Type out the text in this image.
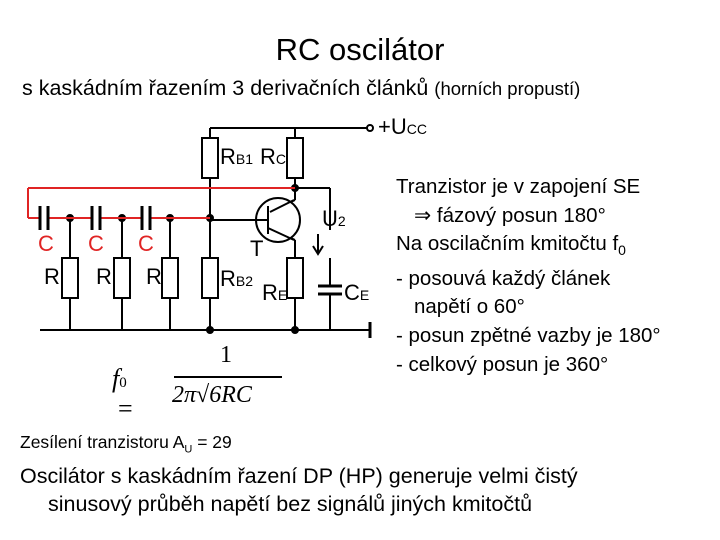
RC oscilátor
s kaskádním řazením 3 derivačních článků (horních propustí)
+UCC
RB1 RC
U2
T
RB2 RE	CE
C C C
R R R
f0 =
1
2π√6RC
Tranzistor je v zapojení SE
⇒ fázový posun 180°
Na oscilačním kmitočtu $f_0$
- posouvá každý článek
napětí o 60°
- posun zpětné vazby je 180°
- celkový posun je 360°
Zesílení tranzistoru $A_U = 29$
Oscilátor s kaskádním řazení DP (HP) generuje velmi čistý
sinusový průběh napětí bez signálů jiných kmitočtů
